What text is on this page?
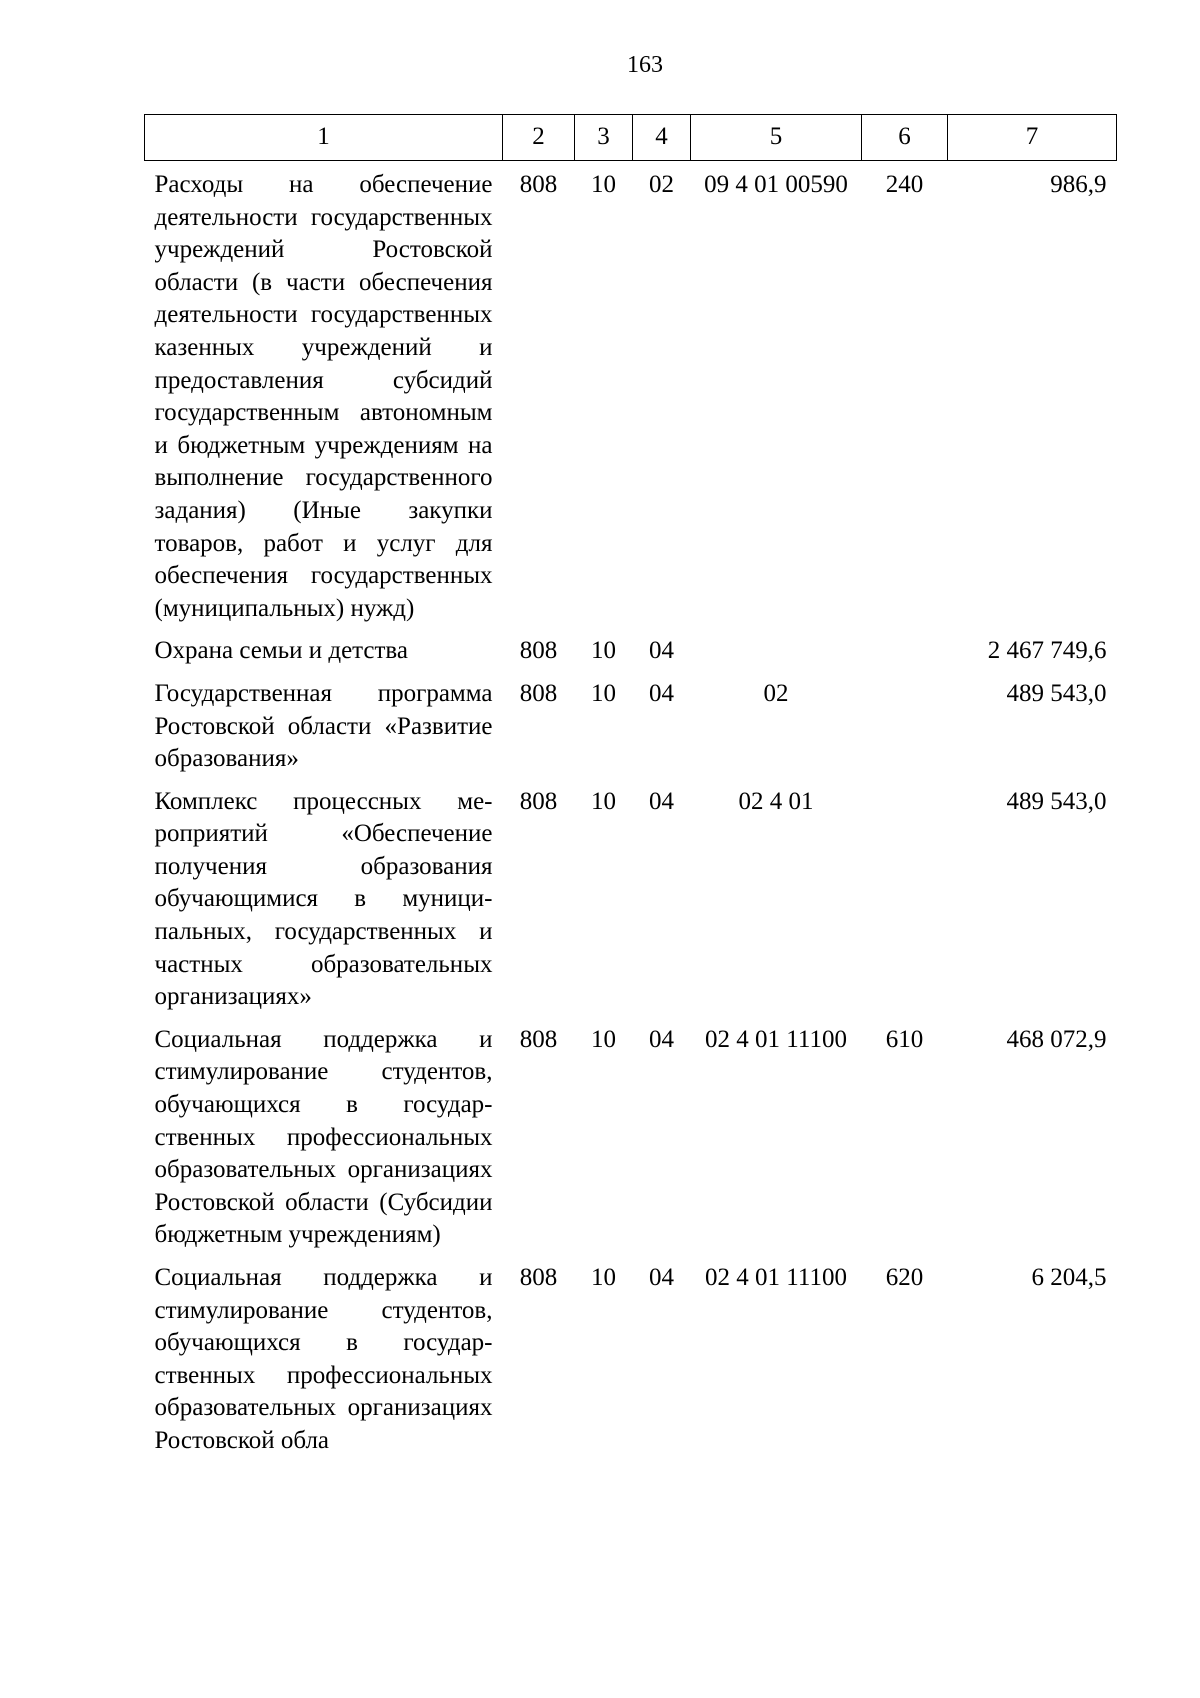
163
1	2	3	4	5	6	7

Расходы на обеспечение деятельности государственных учреждений Ростовской области (в части обеспечения деятельности государственных казенных учреждений и предоставления субсидий государственным автономным и бюджетным учреждениям на выполнение государственного задания) (Иные закупки товаров, работ и услуг для обеспечения государственных (муниципальных) нужд)	808	10	02	09 4 01 00590	240	986,9

Охрана семьи и детства	808	10	04			2 467 749,6

Государственная программа Ростовской области «Развитие образования»	808	10	04	02		489 543,0

Комплекс процессных мероприятий «Обеспечение получения образования обучающимися в муниципальных, государственных и частных образовательных организациях»	808	10	04	02 4 01		489 543,0

Социальная поддержка и стимулирование студентов, обучающихся в государственных профессиональных образовательных организациях Ростовской области (Субсидии бюджетным учреждениям)	808	10	04	02 4 01 11100	610	468 072,9

Социальная поддержка и стимулирование студентов, обучающихся в государственных профессиональных образовательных организациях Ростовской обла	808	10	04	02 4 01 11100	620	6 204,5
